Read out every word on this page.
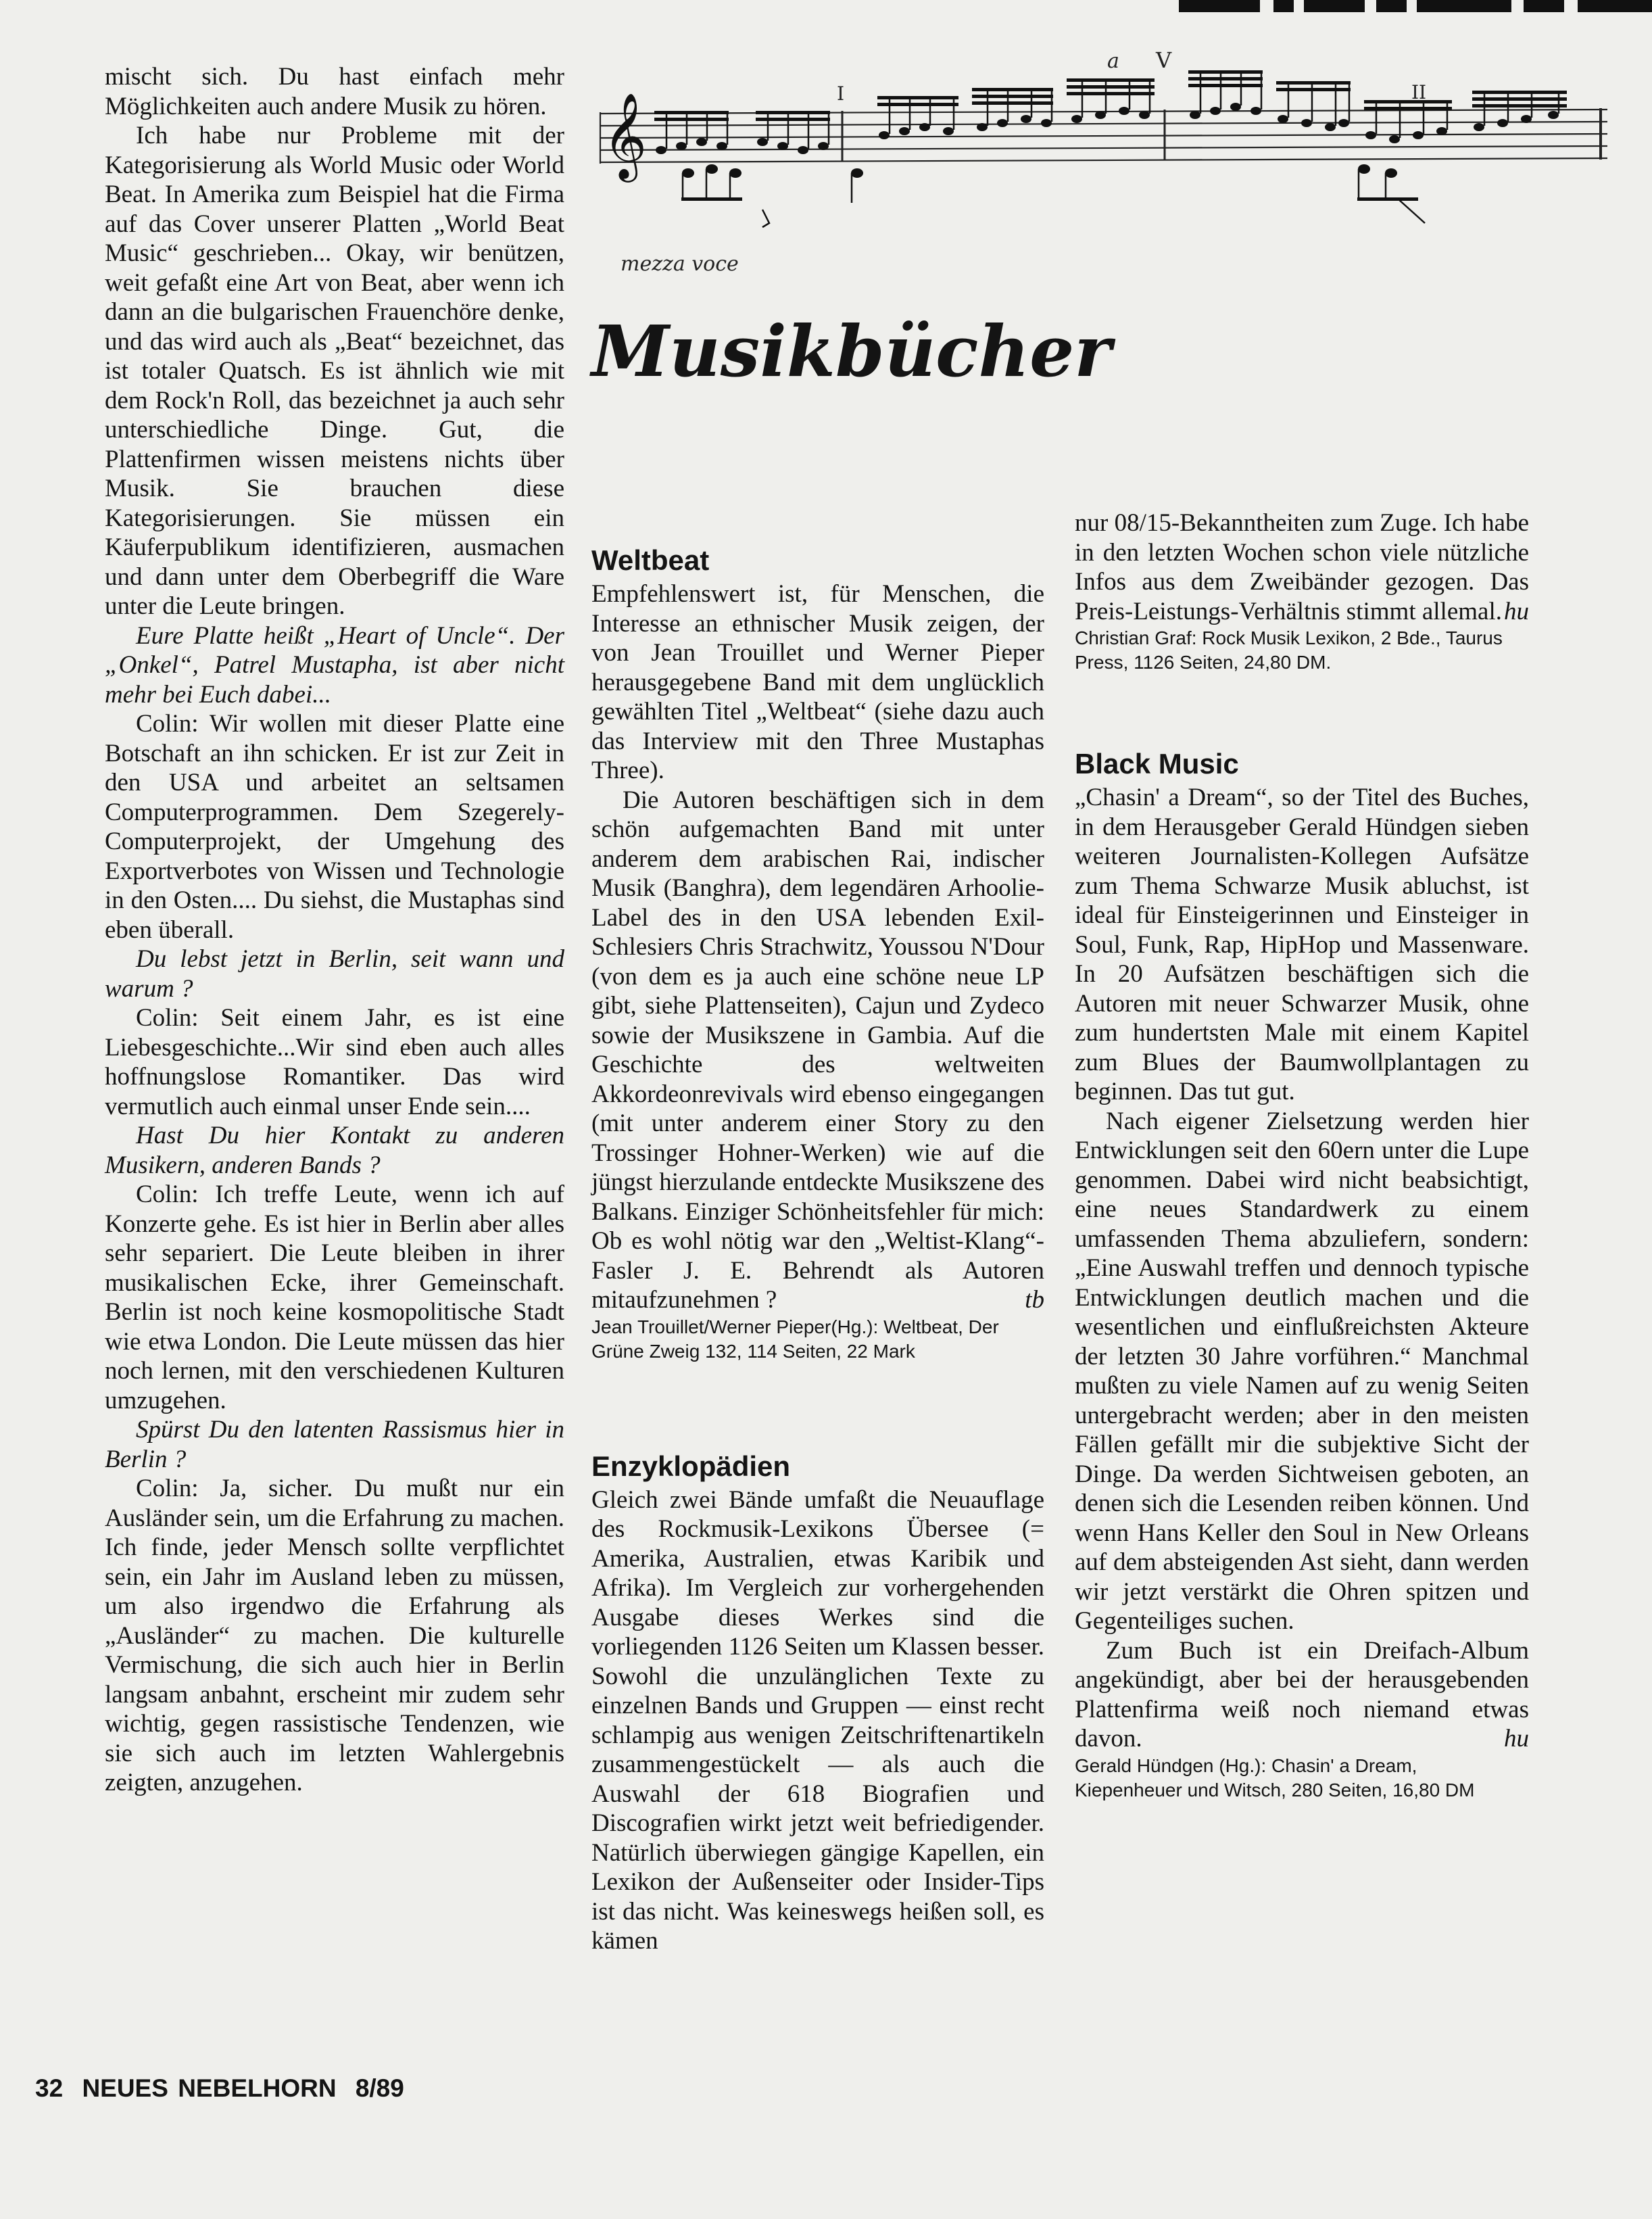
mischt sich. Du hast einfach mehr Möglichkeiten auch andere Musik zu hören.

Ich habe nur Probleme mit der Kategorisierung als World Music oder World Beat. In Amerika zum Beispiel hat die Firma auf das Cover unserer Platten „World Beat Music“ geschrieben... Okay, wir benützen, weit gefaßt eine Art von Beat, aber wenn ich dann an die bulgarischen Frauenchöre denke, und das wird auch als „Beat“ bezeichnet, das ist totaler Quatsch. Es ist ähnlich wie mit dem Rock'n Roll, das bezeichnet ja auch sehr unterschiedliche Dinge. Gut, die Plattenfirmen wissen meistens nichts über Musik. Sie brauchen diese Kategorisierungen. Sie müssen ein Käuferpublikum identifizieren, ausmachen und dann unter dem Oberbegriff die Ware unter die Leute bringen.

Eure Platte heißt „Heart of Uncle“. Der „Onkel“, Patrel Mustapha, ist aber nicht mehr bei Euch dabei...

Colin: Wir wollen mit dieser Platte eine Botschaft an ihn schicken. Er ist zur Zeit in den USA und arbeitet an seltsamen Computerprogrammen. Dem Szegerely-Computerprojekt, der Umgehung des Exportverbotes von Wissen und Technologie in den Osten.... Du siehst, die Mustaphas sind eben überall.

Du lebst jetzt in Berlin, seit wann und warum ?

Colin: Seit einem Jahr, es ist eine Liebesgeschichte...Wir sind eben auch alles hoffnungslose Romantiker. Das wird vermutlich auch einmal unser Ende sein....

Hast Du hier Kontakt zu anderen Musikern, anderen Bands ?

Colin: Ich treffe Leute, wenn ich auf Konzerte gehe. Es ist hier in Berlin aber alles sehr separiert. Die Leute bleiben in ihrer musikalischen Ecke, ihrer Gemeinschaft. Berlin ist noch keine kosmopolitische Stadt wie etwa London. Die Leute müssen das hier noch lernen, mit den verschiedenen Kulturen umzugehen.

Spürst Du den latenten Rassismus hier in Berlin ?

Colin: Ja, sicher. Du mußt nur ein Ausländer sein, um die Erfahrung zu machen. Ich finde, jeder Mensch sollte verpflichtet sein, ein Jahr im Ausland leben zu müssen, um also irgendwo die Erfahrung als „Ausländer“ zu machen. Die kulturelle Vermischung, die sich auch hier in Berlin langsam anbahnt, erscheint mir zudem sehr wichtig, gegen rassistische Tendenzen, wie sie sich auch im letzten Wahlergebnis zeigten, anzugehen.

𝄞
a V
I	II
mezza voce
Musikbücher
Weltbeat

Empfehlenswert ist, für Menschen, die Interesse an ethnischer Musik zeigen, der von Jean Trouillet und Werner Pieper herausgegebene Band mit dem unglücklich gewählten Titel „Weltbeat“ (siehe dazu auch das Interview mit den Three Mustaphas Three).

Die Autoren beschäftigen sich in dem schön aufgemachten Band mit unter anderem dem arabischen Rai, indischer Musik (Banghra), dem legendären Arhoolie-Label des in den USA lebenden Exil-Schlesiers Chris Strachwitz, Youssou N'Dour (von dem es ja auch eine schöne neue LP gibt, siehe Plattenseiten), Cajun und Zydeco sowie der Musikszene in Gambia. Auf die Geschichte des weltweiten Akkordeonrevivals wird ebenso eingegangen (mit unter anderem einer Story zu den Trossinger Hohner-Werken) wie auf die jüngst hierzulande entdeckte Musikszene des Balkans. Einziger Schönheitsfehler für mich: Ob es wohl nötig war den „Weltist-Klang“-Fasler J. E. Behrendt als Autoren mitaufzunehmen ?	tb

Jean Trouillet/Werner Pieper(Hg.): Weltbeat, Der Grüne Zweig 132, 114 Seiten, 22 Mark
Enzyklopädien

Gleich zwei Bände umfaßt die Neuauflage des Rockmusik-Lexikons Übersee (= Amerika, Australien, etwas Karibik und Afrika). Im Vergleich zur vorhergehenden Ausgabe dieses Werkes sind die vorliegenden 1126 Seiten um Klassen besser. Sowohl die unzulänglichen Texte zu einzelnen Bands und Gruppen — einst recht schlampig aus wenigen Zeitschriftenartikeln zusammengestückelt — als auch die Auswahl der 618 Biografien und Discografien wirkt jetzt weit befriedigender. Natürlich überwiegen gängige Kapellen, ein Lexikon der Außenseiter oder Insider-Tips ist das nicht. Was keineswegs heißen soll, es kämen

nur 08/15-Bekanntheiten zum Zuge. Ich habe in den letzten Wochen schon viele nützliche Infos aus dem Zweibänder gezogen. Das Preis-Leistungs-Verhältnis stimmt allemal. hu

Christian Graf: Rock Musik Lexikon, 2 Bde., Taurus Press, 1126 Seiten, 24,80 DM.
Black Music

„Chasin' a Dream“, so der Titel des Buches, in dem Herausgeber Gerald Hündgen sieben weiteren Journalisten-Kollegen Aufsätze zum Thema Schwarze Musik abluchst, ist ideal für Einsteigerinnen und Einsteiger in Soul, Funk, Rap, HipHop und Massenware. In 20 Aufsätzen beschäftigen sich die Autoren mit neuer Schwarzer Musik, ohne zum hundertsten Male mit einem Kapitel zum Blues der Baumwollplantagen zu beginnen. Das tut gut.

Nach eigener Zielsetzung werden hier Entwicklungen seit den 60ern unter die Lupe genommen. Dabei wird nicht beabsichtigt, eine neues Standardwerk zu einem umfassenden Thema abzuliefern, sondern: „Eine Auswahl treffen und dennoch typische Entwicklungen deutlich machen und die wesentlichen und einflußreichsten Akteure der letzten 30 Jahre vorführen.“ Manchmal mußten zu viele Namen auf zu wenig Seiten untergebracht werden; aber in den meisten Fällen gefällt mir die subjektive Sicht der Dinge. Da werden Sichtweisen geboten, an denen sich die Lesenden reiben können. Und wenn Hans Keller den Soul in New Orleans auf dem absteigenden Ast sieht, dann werden wir jetzt verstärkt die Ohren spitzen und Gegenteiliges suchen.

Zum Buch ist ein Dreifach-Album angekündigt, aber bei der herausgebenden Plattenfirma weiß noch niemand etwas davon.	hu

Gerald Hündgen (Hg.): Chasin' a Dream, Kiepenheuer und Witsch, 280 Seiten, 16,80 DM
32 NEUES NEBELHORN 8/89
